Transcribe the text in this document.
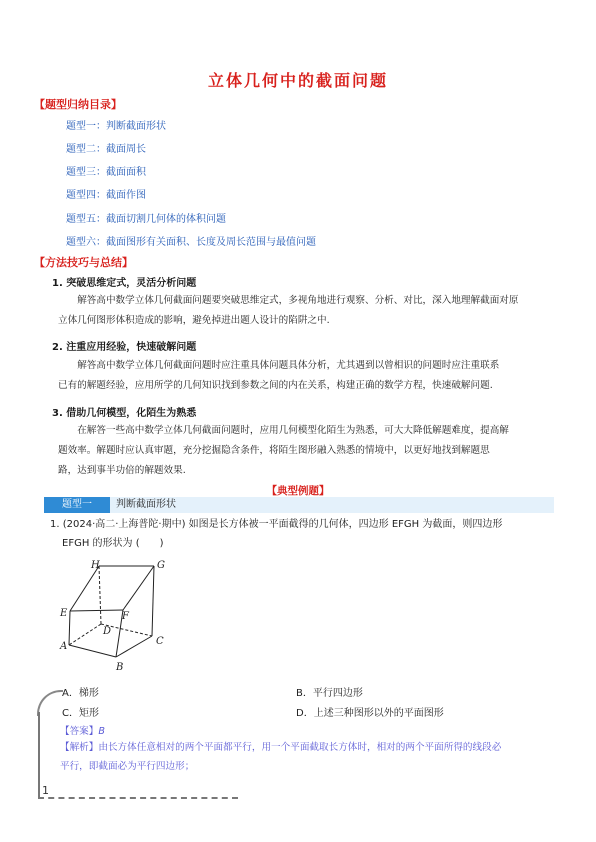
立体几何中的截面问题
【题型归纳目录】
题型一：判断截面形状
题型二：截面周长
题型三：截面面积
题型四：截面作图
题型五：截面切割几何体的体积问题
题型六：截面图形有关面积、长度及周长范围与最值问题
【方法技巧与总结】
1. 突破思维定式，灵活分析问题
解答高中数学立体几何截面问题要突破思维定式，多视角地进行观察、分析、对比，深入地理解截面对原
立体几何图形体积造成的影响，避免掉进出题人设计的陷阱之中.
2. 注重应用经验，快速破解问题
解答高中数学立体几何截面问题时应注重具体问题具体分析，尤其遇到以曾相识的问题时应注重联系
已有的解题经验，应用所学的几何知识找到参数之间的内在关系，构建正确的数学方程，快速破解问题.
3. 借助几何模型，化陌生为熟悉
在解答一些高中数学立体几何截面问题时，应用几何模型化陌生为熟悉，可大大降低解题难度，提高解
题效率。解题时应认真审题，充分挖掘隐含条件，将陌生图形融入熟悉的情境中，以更好地找到解题思
路，达到事半功倍的解题效果.
【典型例题】
题型一	判断截面形状
1. (2024·高二·上海普陀·期中) 如图是长方体被一平面截得的几何体，四边形 EFGH 为截面，则四边形
EFGH 的形状为 (　　)
H	G
E	F
D
C
A
B
A．梯形	B．平行四边形
C．矩形	D．上述三种图形以外的平面图形
【答案】B
【解析】由长方体任意相对的两个平面都平行，用一个平面截取长方体时，相对的两个平面所得的线段必
平行，即截面必为平行四边形；
1
